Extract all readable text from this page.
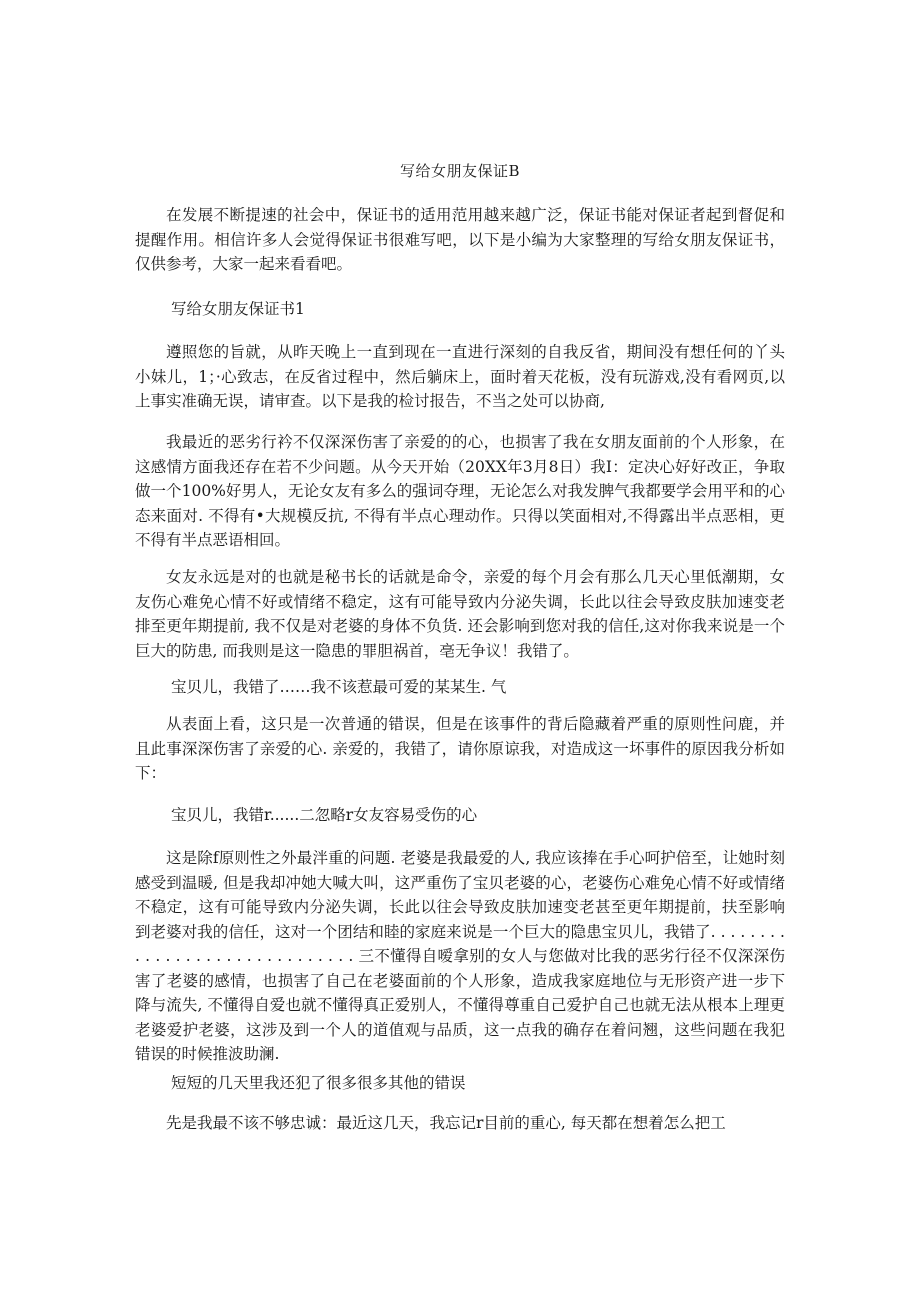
写给女朋友保证B

在发展不断提速的社会中，保证书的适用范用越来越广泛，保证书能对保证者起到督促和提醒作用。相信许多人会觉得保证书很难写吧，以下是小编为大家整理的写给女朋友保证书，仅供参考，大家一起来看看吧。

写给女朋友保证书1

遵照您的旨就，从昨天晚上一直到现在一直进行深刻的自我反省，期间没有想任何的丫头小妹儿，1；·心致志，在反省过程中，然后躺床上，面时着天花板，没有玩游戏,没有看网页,以上事实准确无误，请审查。以下是我的检讨报告，不当之处可以协商,

我最近的恶劣行衿不仅深深伤害了亲爱的的心，也损害了我在女朋友面前的个人形象，在这感情方面我还存在若不少问题。从今天开始（20XX年3月8日）我I：定决心好好改正，争取做一个100%好男人，无论女友有多么的强词夺理，无论怎么对我发脾气我都要学会用平和的心态来面对. 不得有•大规模反抗, 不得有半点心理动作。只得以笑面相对,不得露出半点恶相，更不得有半点恶语相回。

女友永远是对的也就是秘书长的话就是命令，亲爱的每个月会有那么几天心里低潮期，女友伤心难免心情不好或情绪不稳定，这有可能导致内分泌失调，长此以往会导致皮肤加速变老排至更年期提前, 我不仅是对老婆的身体不负货. 还会影响到您对我的信任,这对你我来说是一个巨大的防患, 而我则是这一隐患的罪胆祸首，亳无争议！我错了。

宝贝儿，我错了……我不该惹最可爱的某某生. 气

从表面上看，这只是一次普通的错误，但是在该事件的背后隐藏着严重的原则性问鹿，并且此事深深伤害了亲爱的心. 亲爱的，我错了，请你原谅我，对造成这一坏事件的原因我分析如下：

宝贝儿，我错r......二忽略r女友容易受伤的心

这是除f原则性之外最泮重的问题. 老婆是我最爱的人, 我应该捧在手心呵护倍至，让她时刻感受到温暖, 但是我却冲她大喊大叫，这严重伤了宝贝老婆的心，老婆伤心难免心情不好或情绪不稳定，这有可能导致内分泌失调，长此以往会导致皮肤加速变老甚至更年期提前，扶至影响到老婆对我的信任，这对一个团结和睦的家庭来说是一个巨大的隐患宝贝儿，我错了. . . . . . . . . . . . . . . . . . . . . . . . . . . . . . 三不懂得自嗳拿别的女人与您做对比我的恶劣行径不仅深深伤害了老婆的感情，也损害了自己在老婆面前的个人形象，造成我家庭地位与无形资产进一步下降与流失, 不懂得自爱也就不懂得真正爱别人，不懂得尊重自己爱护自己也就无法从根本上理更老婆爱护老婆，这涉及到一个人的道值观与品质，这一点我的确存在着问翘，这些问题在我犯错误的时候推波助澜.

短短的几天里我还犯了很多很多其他的错误

先是我最不该不够忠诚：最近这几天，我忘记r目前的重心, 每天都在想着怎么把工
